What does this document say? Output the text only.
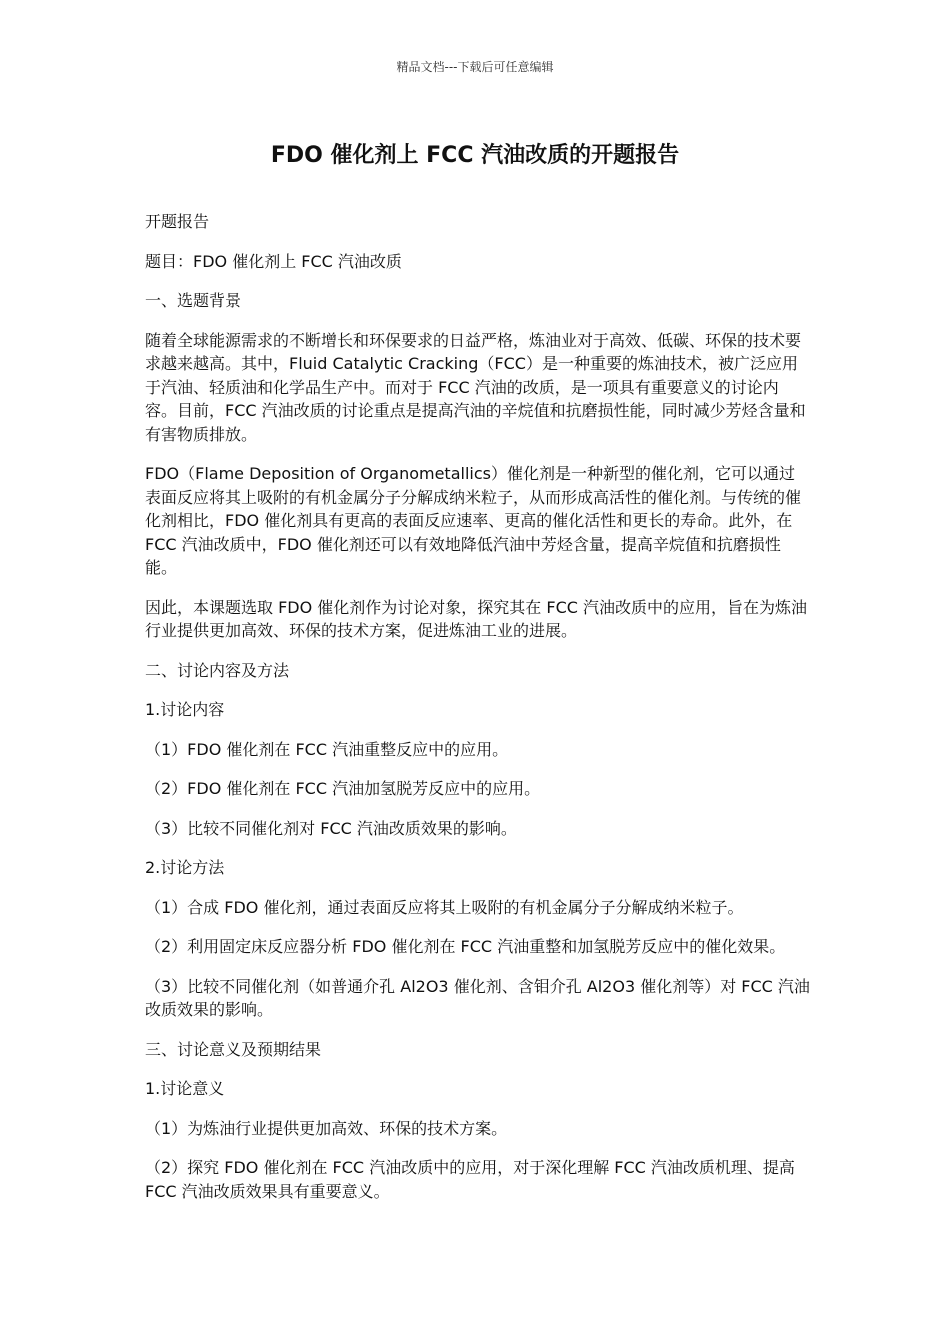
精品文档---下载后可任意编辑
FDO 催化剂上 FCC 汽油改质的开题报告

开题报告

题目：FDO 催化剂上 FCC 汽油改质

一、选题背景

随着全球能源需求的不断增长和环保要求的日益严格，炼油业对于高效、低碳、环保的技术要求越来越高。其中，Fluid Catalytic Cracking（FCC）是一种重要的炼油技术，被广泛应用于汽油、轻质油和化学品生产中。而对于 FCC 汽油的改质，是一项具有重要意义的讨论内容。目前，FCC 汽油改质的讨论重点是提高汽油的辛烷值和抗磨损性能，同时减少芳烃含量和有害物质排放。

FDO（Flame Deposition of Organometallics）催化剂是一种新型的催化剂，它可以通过表面反应将其上吸附的有机金属分子分解成纳米粒子，从而形成高活性的催化剂。与传统的催化剂相比，FDO 催化剂具有更高的表面反应速率、更高的催化活性和更长的寿命。此外，在 FCC 汽油改质中，FDO 催化剂还可以有效地降低汽油中芳烃含量，提高辛烷值和抗磨损性能。

因此，本课题选取 FDO 催化剂作为讨论对象，探究其在 FCC 汽油改质中的应用，旨在为炼油行业提供更加高效、环保的技术方案，促进炼油工业的进展。

二、讨论内容及方法

1.讨论内容

（1）FDO 催化剂在 FCC 汽油重整反应中的应用。

（2）FDO 催化剂在 FCC 汽油加氢脱芳反应中的应用。

（3）比较不同催化剂对 FCC 汽油改质效果的影响。

2.讨论方法

（1）合成 FDO 催化剂，通过表面反应将其上吸附的有机金属分子分解成纳米粒子。

（2）利用固定床反应器分析 FDO 催化剂在 FCC 汽油重整和加氢脱芳反应中的催化效果。

（3）比较不同催化剂（如普通介孔 Al2O3 催化剂、含钼介孔 Al2O3 催化剂等）对 FCC 汽油改质效果的影响。

三、讨论意义及预期结果

1.讨论意义

（1）为炼油行业提供更加高效、环保的技术方案。

（2）探究 FDO 催化剂在 FCC 汽油改质中的应用，对于深化理解 FCC 汽油改质机理、提高 FCC 汽油改质效果具有重要意义。
